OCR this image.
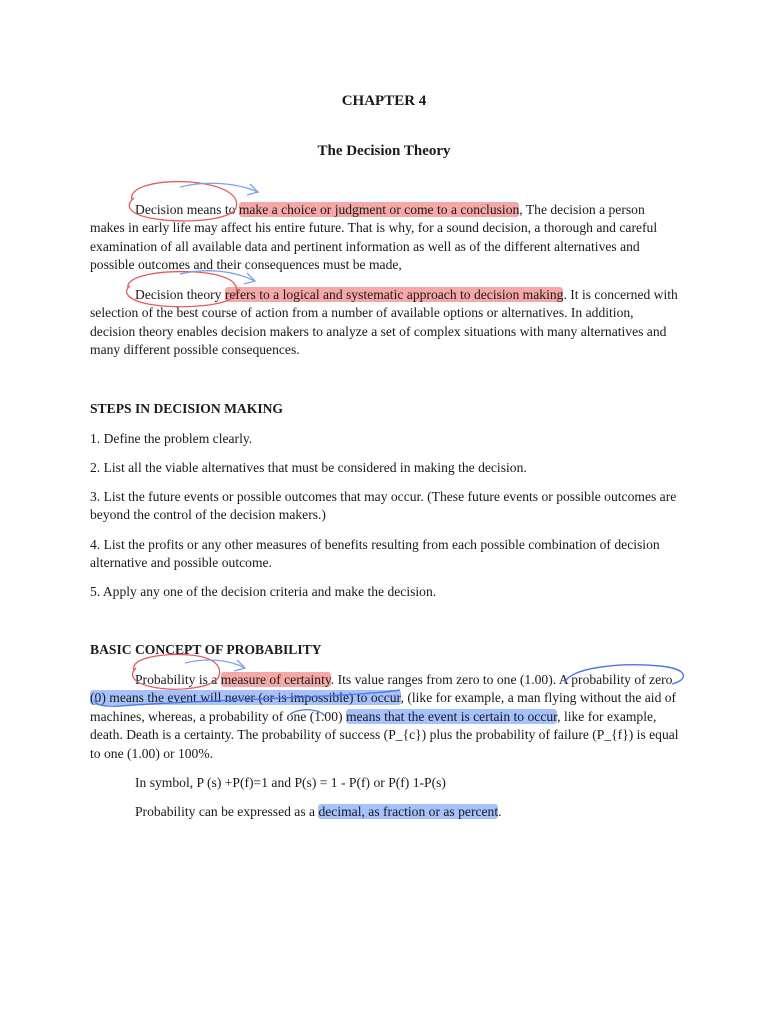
CHAPTER 4
The Decision Theory

Decision means to make a choice or judgment or come to a conclusion, The decision a person makes in early life may affect his entire future. That is why, for a sound decision, a thorough and careful examination of all available data and pertinent information as well as of the different alternatives and possible outcomes and their consequences must be made,

Decision theory refers to a logical and systematic approach to decision making. It is concerned with selection of the best course of action from a number of available options or alternatives. In addition, decision theory enables decision makers to analyze a set of complex situations with many alternatives and many different possible consequences.

STEPS IN DECISION MAKING

1. Define the problem clearly.

2. List all the viable alternatives that must be considered in making the decision.

3. List the future events or possible outcomes that may occur. (These future events or possible outcomes are beyond the control of the decision makers.)

4. List the profits or any other measures of benefits resulting from each possible combination of decision alternative and possible outcome.

5. Apply any one of the decision criteria and make the decision.

BASIC CONCEPT OF PROBABILITY

Probability is a measure of certainty. Its value ranges from zero to one (1.00). A probability of zero (0) means the event will never (or is impossible) to occur, (like for example, a man flying without the aid of machines, whereas, a probability of one (1.00) means that the event is certain to occur, like for example, death. Death is a certainty. The probability of success (P_{c}) plus the probability of failure (P_{f}) is equal to one (1.00) or 100%.

In symbol, P (s) +P(f)=1 and P(s) = 1 - P(f) or P(f) 1-P(s)
Probability can be expressed as a decimal, as fraction or as percent.
